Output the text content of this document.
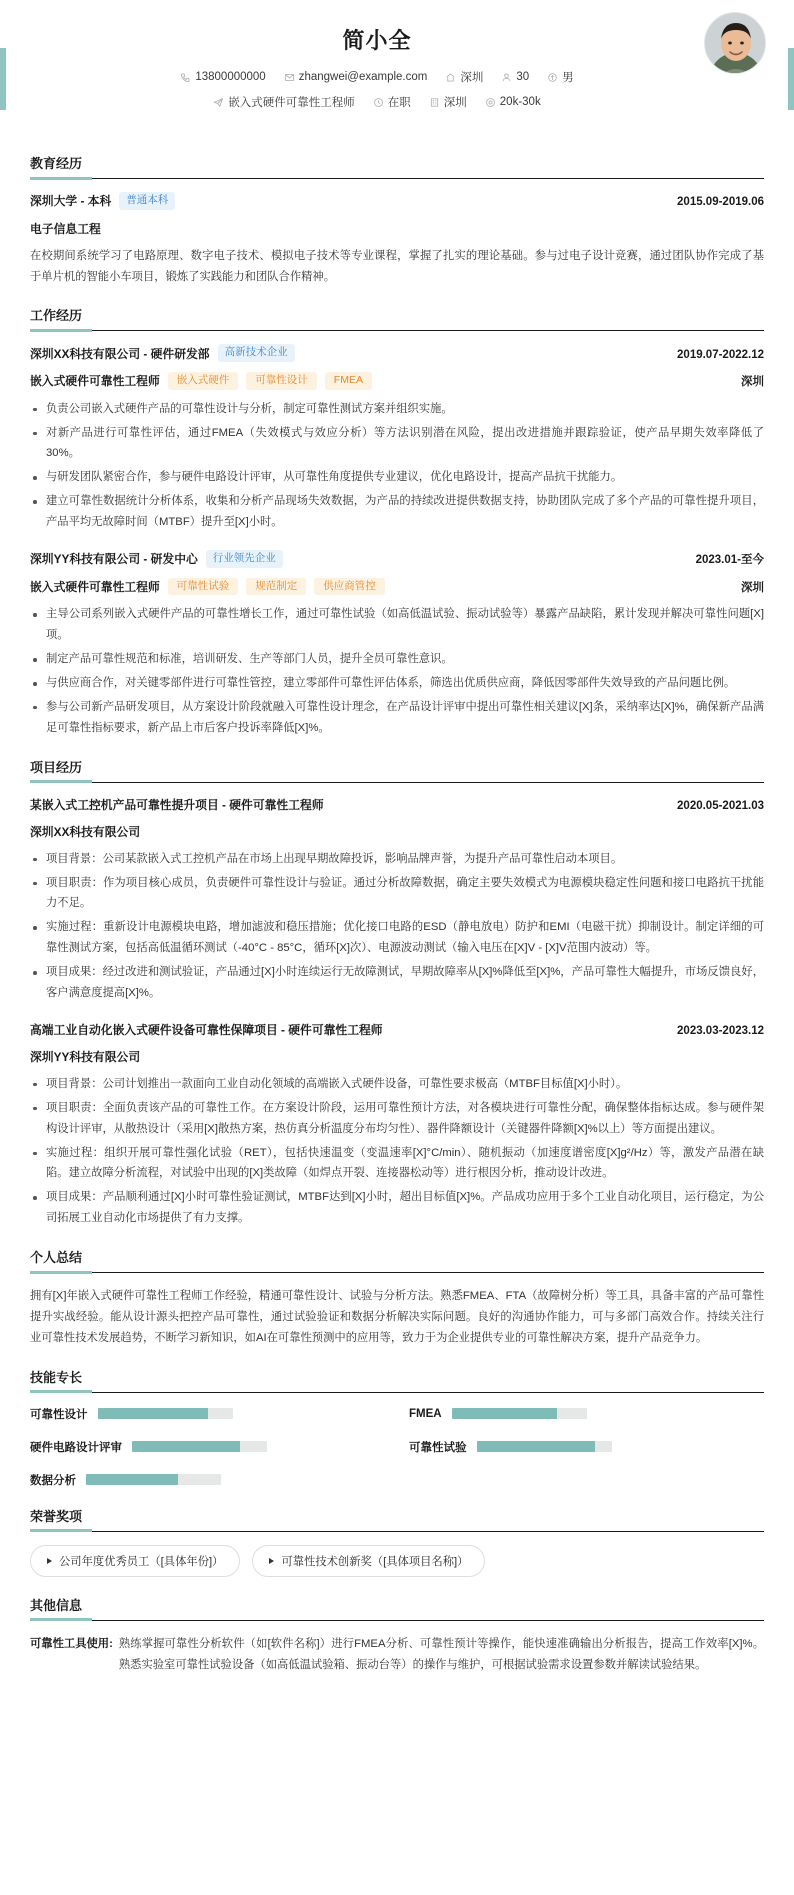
简小全
13800000000	zhangwei@example.com	深圳	30	男
嵌入式硬件可靠性工程师	在职	深圳	20k-30k
教育经历
深圳大学 - 本科	普通本科	2015.09-2019.06
电子信息工程
在校期间系统学习了电路原理、数字电子技术、模拟电子技术等专业课程，掌握了扎实的理论基础。参与过电子设计竞赛，通过团队协作完成了基于单片机的智能小车项目，锻炼了实践能力和团队合作精神。
工作经历
深圳XX科技有限公司 - 硬件研发部	高新技术企业	2019.07-2022.12
嵌入式硬件可靠性工程师	嵌入式硬件	可靠性设计	FMEA	深圳
负责公司嵌入式硬件产品的可靠性设计与分析，制定可靠性测试方案并组织实施。
对新产品进行可靠性评估，通过FMEA（失效模式与效应分析）等方法识别潜在风险，提出改进措施并跟踪验证，使产品早期失效率降低了30%。
与研发团队紧密合作，参与硬件电路设计评审，从可靠性角度提供专业建议，优化电路设计，提高产品抗干扰能力。
建立可靠性数据统计分析体系，收集和分析产品现场失效数据，为产品的持续改进提供数据支持，协助团队完成了多个产品的可靠性提升项目，产品平均无故障时间（MTBF）提升至[X]小时。
深圳YY科技有限公司 - 研发中心	行业领先企业	2023.01-至今
嵌入式硬件可靠性工程师	可靠性试验	规范制定	供应商管控	深圳
主导公司系列嵌入式硬件产品的可靠性增长工作，通过可靠性试验（如高低温试验、振动试验等）暴露产品缺陷，累计发现并解决可靠性问题[X]项。
制定产品可靠性规范和标准，培训研发、生产等部门人员，提升全员可靠性意识。
与供应商合作，对关键零部件进行可靠性管控，建立零部件可靠性评估体系，筛选出优质供应商，降低因零部件失效导致的产品问题比例。
参与公司新产品研发项目，从方案设计阶段就融入可靠性设计理念，在产品设计评审中提出可靠性相关建议[X]条，采纳率达[X]%，确保新产品满足可靠性指标要求，新产品上市后客户投诉率降低[X]%。
项目经历
某嵌入式工控机产品可靠性提升项目 - 硬件可靠性工程师	2020.05-2021.03
深圳XX科技有限公司
项目背景：公司某款嵌入式工控机产品在市场上出现早期故障投诉，影响品牌声誉，为提升产品可靠性启动本项目。
项目职责：作为项目核心成员，负责硬件可靠性设计与验证。通过分析故障数据，确定主要失效模式为电源模块稳定性问题和接口电路抗干扰能力不足。
实施过程：重新设计电源模块电路，增加滤波和稳压措施；优化接口电路的ESD（静电放电）防护和EMI（电磁干扰）抑制设计。制定详细的可靠性测试方案，包括高低温循环测试（-40°C - 85°C，循环[X]次）、电源波动测试（输入电压在[X]V - [X]V范围内波动）等。
项目成果：经过改进和测试验证，产品通过[X]小时连续运行无故障测试，早期故障率从[X]%降低至[X]%，产品可靠性大幅提升，市场反馈良好，客户满意度提高[X]%。
高端工业自动化嵌入式硬件设备可靠性保障项目 - 硬件可靠性工程师	2023.03-2023.12
深圳YY科技有限公司
项目背景：公司计划推出一款面向工业自动化领域的高端嵌入式硬件设备，可靠性要求极高（MTBF目标值[X]小时）。
项目职责：全面负责该产品的可靠性工作。在方案设计阶段，运用可靠性预计方法，对各模块进行可靠性分配，确保整体指标达成。参与硬件架构设计评审，从散热设计（采用[X]散热方案，热仿真分析温度分布均匀性）、器件降额设计（关键器件降额[X]%以上）等方面提出建议。
实施过程：组织开展可靠性强化试验（RET），包括快速温变（变温速率[X]°C/min）、随机振动（加速度谱密度[X]g²/Hz）等，激发产品潜在缺陷。建立故障分析流程，对试验中出现的[X]类故障（如焊点开裂、连接器松动等）进行根因分析，推动设计改进。
项目成果：产品顺利通过[X]小时可靠性验证测试，MTBF达到[X]小时，超出目标值[X]%。产品成功应用于多个工业自动化项目，运行稳定，为公司拓展工业自动化市场提供了有力支撑。
个人总结
拥有[X]年嵌入式硬件可靠性工程师工作经验，精通可靠性设计、试验与分析方法。熟悉FMEA、FTA（故障树分析）等工具，具备丰富的产品可靠性提升实战经验。能从设计源头把控产品可靠性，通过试验验证和数据分析解决实际问题。良好的沟通协作能力，可与多部门高效合作。持续关注行业可靠性技术发展趋势，不断学习新知识，如AI在可靠性预测中的应用等，致力于为企业提供专业的可靠性解决方案，提升产品竞争力。
技能专长
可靠性设计	FMEA
硬件电路设计评审	可靠性试验
数据分析
荣誉奖项
公司年度优秀员工（[具体年份]）	可靠性技术创新奖（[具体项目名称]）
其他信息
可靠性工具使用: 熟练掌握可靠性分析软件（如[软件名称]）进行FMEA分析、可靠性预计等操作，能快速准确输出分析报告，提高工作效率[X]%。熟悉实验室可靠性试验设备（如高低温试验箱、振动台等）的操作与维护，可根据试验需求设置参数并解读试验结果。
